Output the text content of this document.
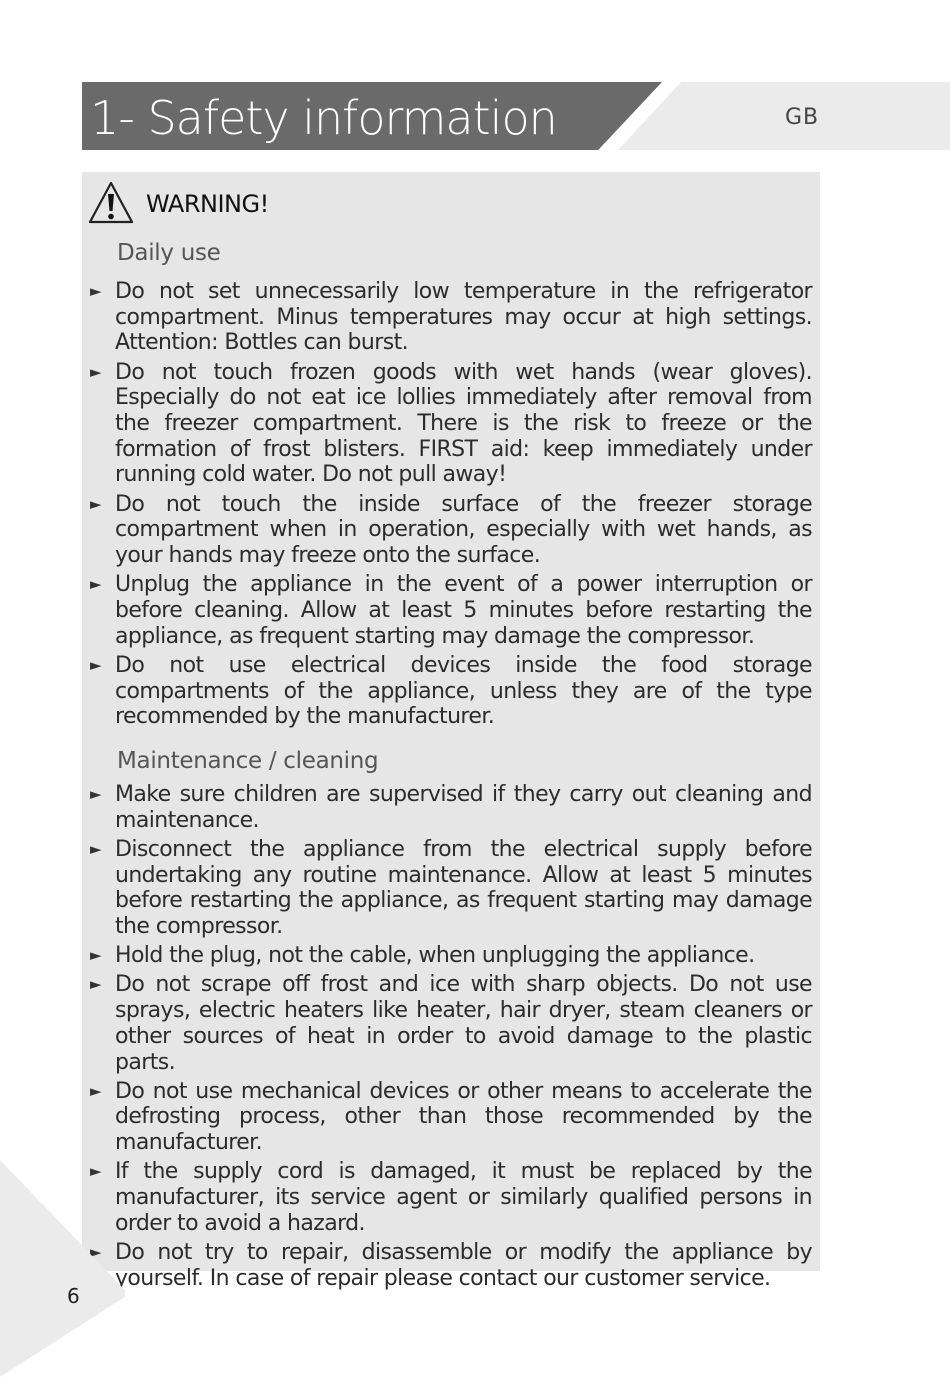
1- Safety information	GB
WARNING!
Daily use
► Do not set unnecessarily low temperature in the refrigerator compartment. Minus temperatures may occur at high settings. Attention: Bottles can burst.
► Do not touch frozen goods with wet hands (wear gloves). Especially do not eat ice lollies immediately after removal from the freezer compartment. There is the risk to freeze or the formation of frost blisters. FIRST aid: keep immediately under running cold water. Do not pull away!
► Do not touch the inside surface of the freezer storage compartment when in operation, especially with wet hands, as your hands may freeze onto the surface.
► Unplug the appliance in the event of a power interruption or before cleaning. Allow at least 5 minutes before restarting the appliance, as frequent starting may damage the compressor.
► Do not use electrical devices inside the food storage compartments of the appliance, unless they are of the type recommended by the manufacturer.
Maintenance / cleaning
► Make sure children are supervised if they carry out cleaning and maintenance.
► Disconnect the appliance from the electrical supply before undertaking any routine maintenance. Allow at least 5 minutes before restarting the appliance, as frequent starting may damage the compressor.
► Hold the plug, not the cable, when unplugging the appliance.
► Do not scrape off frost and ice with sharp objects. Do not use sprays, electric heaters like heater, hair dryer, steam cleaners or other sources of heat in order to avoid damage to the plastic parts.
► Do not use mechanical devices or other means to accelerate the defrosting process, other than those recommended by the manufacturer.
► If the supply cord is damaged, it must be replaced by the manufacturer, its service agent or similarly qualified persons in order to avoid a hazard.
► Do not try to repair, disassemble or modify the appliance by yourself. In case of repair please contact our customer service.
6
